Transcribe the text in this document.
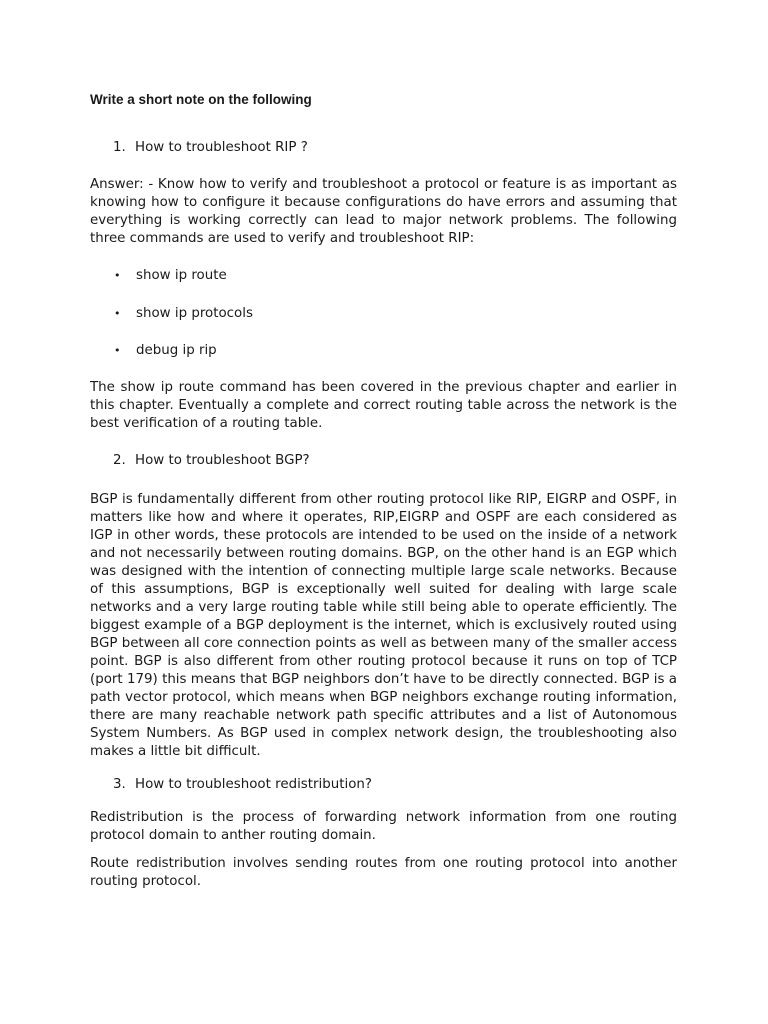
Write a short note on the following

1. How to troubleshoot RIP ?

Answer: - Know how to verify and troubleshoot a protocol or feature is as important as knowing how to configure it because configurations do have errors and assuming that everything is working correctly can lead to major network problems. The following three commands are used to verify and troubleshoot RIP:

•	show ip route
•	show ip protocols
•	debug ip rip

The show ip route command has been covered in the previous chapter and earlier in this chapter. Eventually a complete and correct routing table across the network is the best verification of a routing table.

2. How to troubleshoot BGP?

BGP is fundamentally different from other routing protocol like RIP, EIGRP and OSPF, in matters like how and where it operates, RIP,EIGRP and OSPF are each considered as IGP in other words, these protocols are intended to be used on the inside of a network and not necessarily between routing domains. BGP, on the other hand is an EGP which was designed with the intention of connecting multiple large scale networks. Because of this assumptions, BGP is exceptionally well suited for dealing with large scale networks and a very large routing table while still being able to operate efficiently. The biggest example of a BGP deployment is the internet, which is exclusively routed using BGP between all core connection points as well as between many of the smaller access point. BGP is also different from other routing protocol because it runs on top of TCP (port 179) this means that BGP neighbors don’t have to be directly connected. BGP is a path vector protocol, which means when BGP neighbors exchange routing information, there are many reachable network path specific attributes and a list of Autonomous System Numbers. As BGP used in complex network design, the troubleshooting also makes a little bit difficult.

3. How to troubleshoot redistribution?

Redistribution is the process of forwarding network information from one routing protocol domain to anther routing domain.

Route redistribution involves sending routes from one routing protocol into another routing protocol.
